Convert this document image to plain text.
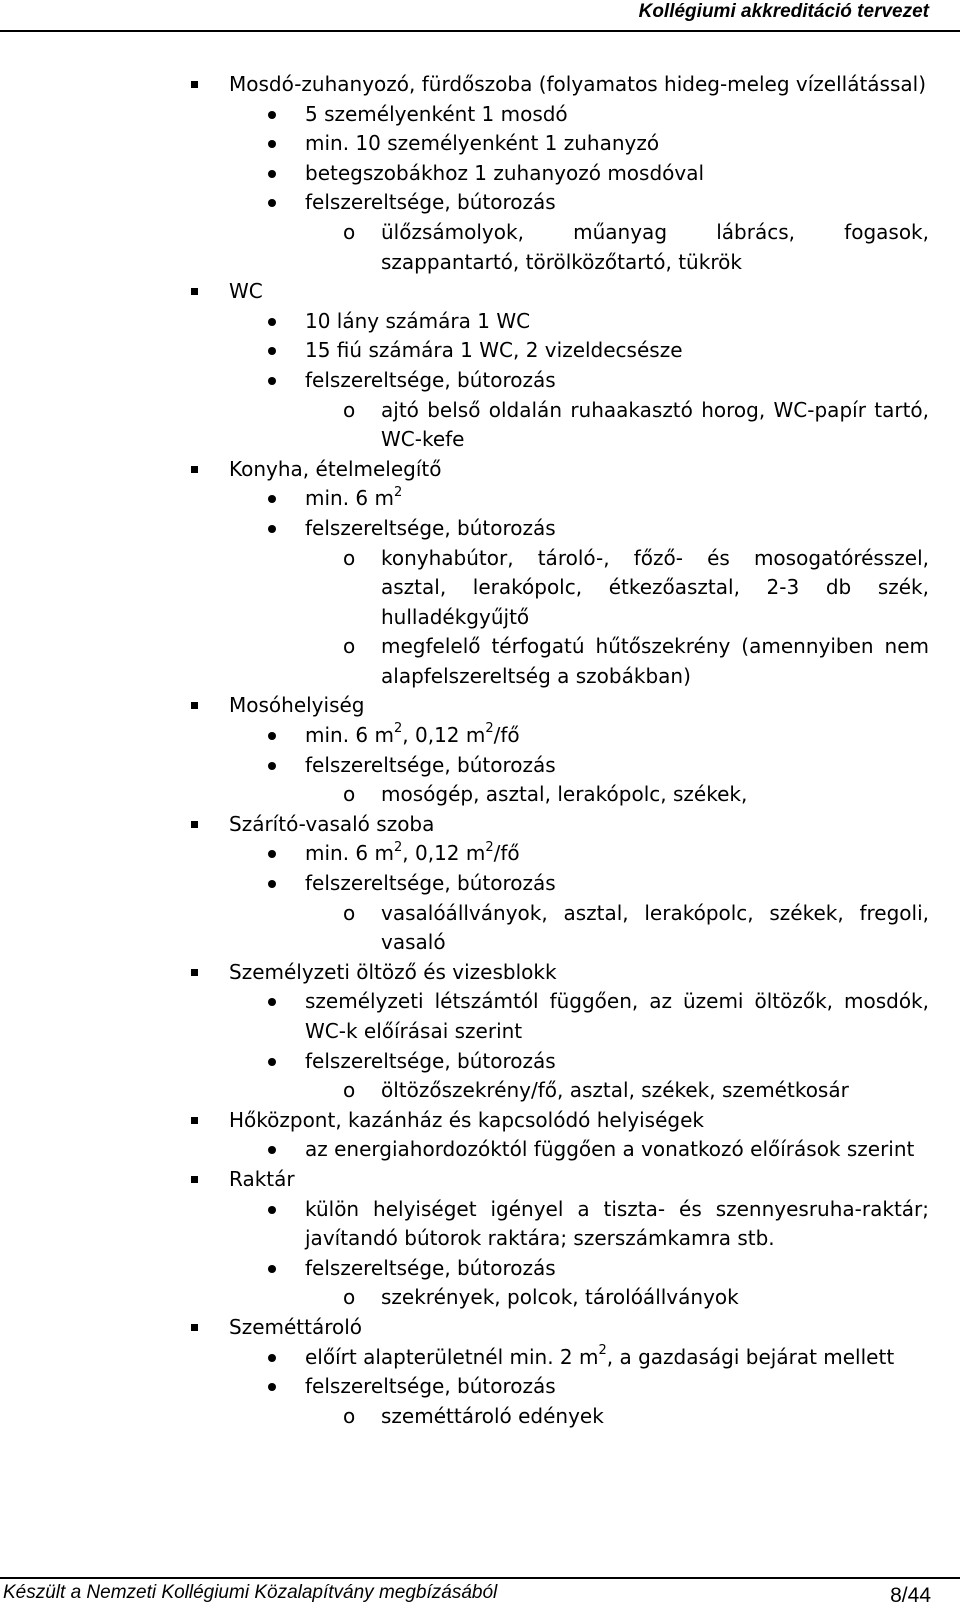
Kollégiumi akkreditáció tervezet
Mosdó-zuhanyozó, fürdőszoba (folyamatos hideg-meleg vízellátással)
5 személyenként 1 mosdó
min. 10 személyenként 1 zuhanyzó
betegszobákhoz 1 zuhanyozó mosdóval
felszereltsége, bútorozás
o ülőzsámolyok, műanyag lábrács, fogasok, szappantartó, törölközőtartó, tükrök
WC
10 lány számára 1 WC
15 fiú számára 1 WC, 2 vizeldecsésze
felszereltsége, bútorozás
o ajtó belső oldalán ruhaakasztó horog, WC-papír tartó, WC-kefe
Konyha, ételmelegítő
min. 6 $m^2$
felszereltsége, bútorozás
o konyhabútor, tároló-, főző- és mosogatórésszel, asztal, lerakópolc, étkezőasztal, 2-3 db szék, hulladékgyűjtő
o megfelelő térfogatú hűtőszekrény (amennyiben nem alapfelszereltség a szobákban)
Mosóhelyiség
min. 6 $m^2$, 0,12 $m^2/fő$
felszereltsége, bútorozás
o mosógép, asztal, lerakópolc, székek,
Szárító-vasaló szoba
min. 6 $m^2$, 0,12 $m^2/fő$
felszereltsége, bútorozás
o vasalóállványok, asztal, lerakópolc, székek, fregoli, vasaló
Személyzeti öltöző és vizesblokk
személyzeti létszámtól függően, az üzemi öltözők, mosdók, WC-k előírásai szerint
felszereltsége, bútorozás
o öltözőszekrény/fő, asztal, székek, szemétkosár
Hőközpont, kazánház és kapcsolódó helyiségek
az energiahordozóktól függően a vonatkozó előírások szerint
Raktár
külön helyiséget igényel a tiszta- és szennyesruha-raktár; javítandó bútorok raktára; szerszámkamra stb.
felszereltsége, bútorozás
o szekrények, polcok, tárolóállványok
Szeméttároló
előírt alapterületnél min. 2 $m^2$, a gazdasági bejárat mellett
felszereltsége, bútorozás
o szeméttároló edények
Készült a Nemzeti Kollégiumi Közalapítvány megbízásából	8/44
